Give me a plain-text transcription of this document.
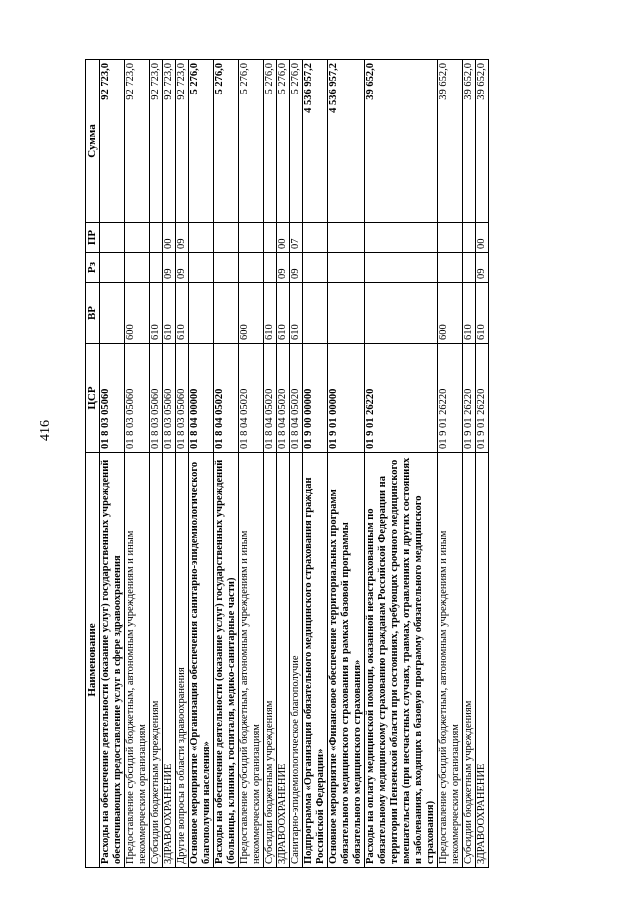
416
Наименование	ЦСР	ВР	Рз	ПР	Сумма
Расходы на обеспечение деятельности (оказание услуг) государственных учреждений обеспечивающих предоставление услуг в сфере здравоохранения	01 8 03 05060				92 723,0
Предоставление субсидий бюджетным, автономным учреждениям и иным некоммерческим организациям	01 8 03 05060	600			92 723,0
Субсидии бюджетным учреждениям	01 8 03 05060	610			92 723,0
ЗДРАВООХРАНЕНИЕ	01 8 03 05060	610	09	00	92 723,0
Другие вопросы в области здравоохранения	01 8 03 05060	610	09	09	92 723,0
Основное мероприятие «Организация обеспечения санитарно-эпидемиологического благополучия населения»	01 8 04 00000				5 276,0
Расходы на обеспечение деятельности (оказание услуг) государственных учреждений (больницы, клиники, госпиталя, медико-санитарные части)	01 8 04 05020				5 276,0
Предоставление субсидий бюджетным, автономным учреждениям и иным некоммерческим организациям	01 8 04 05020	600			5 276,0
Субсидии бюджетным учреждениям	01 8 04 05020	610			5 276,0
ЗДРАВООХРАНЕНИЕ	01 8 04 05020	610	09	00	5 276,0
Санитарно-эпидемиологическое благополучие	01 8 04 05020	610	09	07	5 276,0
Подпрограмма «Организация обязательного медицинского страхования граждан Российской Федерации»	01 9 00 00000				4 536 957,2
Основное мероприятие «Финансовое обеспечение территориальных программ обязательного медицинского страхования в рамках базовой программы обязательного медицинского страхования»	01 9 01 00000				4 536 957,2
Расходы на оплату медицинской помощи, оказанной незастрахованным по обязательному медицинскому страхованию гражданам Российской Федерации на территории Пензенской области при состояниях, требующих срочного медицинского вмешательства (при несчастных случаях, травмах, отравлениях и других состояниях и заболеваниях, входящих в базовую программу обязательного медицинского страхования)	01 9 01 26220				39 652,0
Предоставление субсидий бюджетным, автономным учреждениям и иным некоммерческим организациям	01 9 01 26220	600			39 652,0
Субсидии бюджетным учреждениям	01 9 01 26220	610			39 652,0
ЗДРАВООХРАНЕНИЕ	01 9 01 26220	610	09	00	39 652,0
